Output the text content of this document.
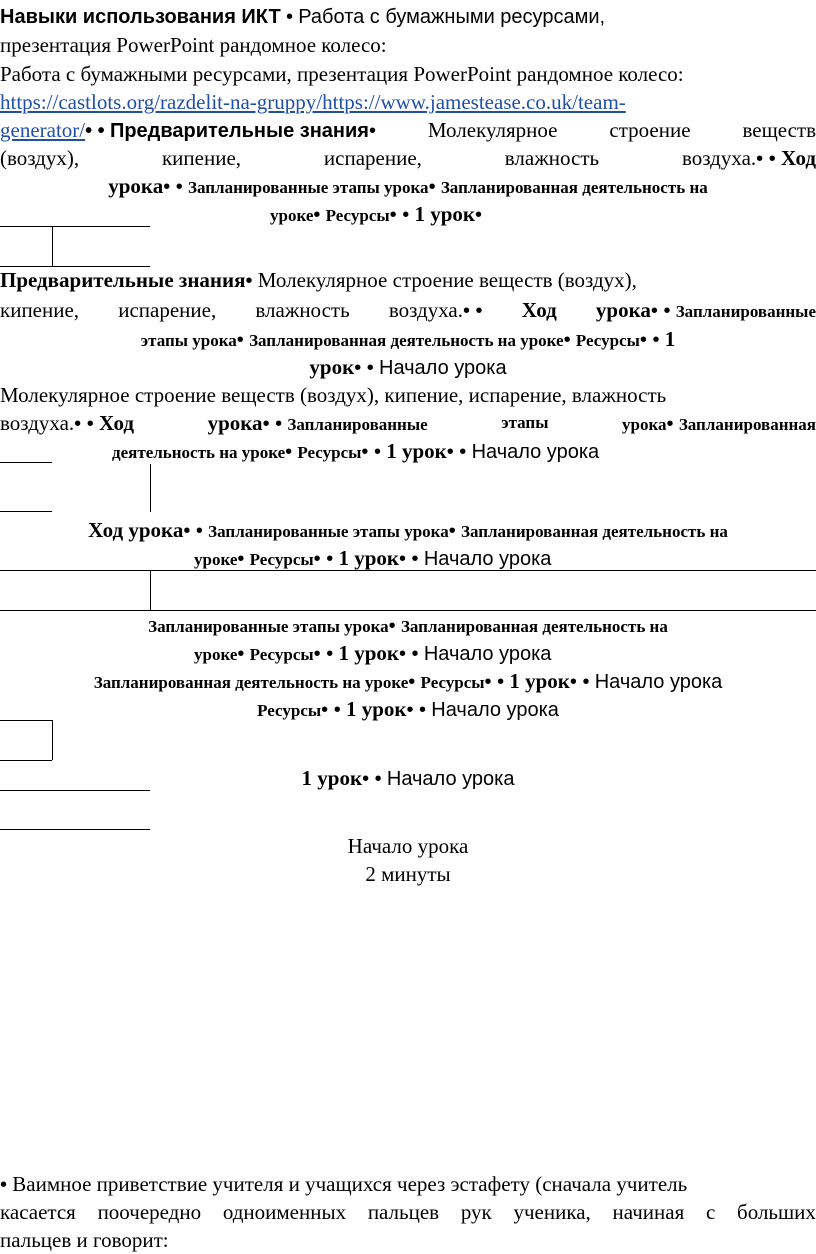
Навыки использования ИКТ • Работа с бумажными ресурсами,
презентация PowerPoint рандомное колесо:
Работа с бумажными ресурсами, презентация PowerPoint рандомное колесо:
https://castlots.org/razdelit-na-gruppy/https://www.jamestease.co.uk/team-
generator/• • Предварительные знания• Молекулярное строение веществ
(воздух),	кипение,	испарение,	влажность	воздуха.• • Ход
урока• • Запланированные этапы урока• Запланированная деятельность на
уроке• Ресурсы• • 1 урок•
Предварительные знания• Молекулярное строение веществ (воздух),
кипение, испарение, влажность воздуха.• • Ход урока• • Запланированные
этапы урока• Запланированная деятельность на уроке• Ресурсы• • 1
урок• • Начало урока
Молекулярное строение веществ (воздух), кипение, испарение, влажность
воздуха.• • Ход	урока• • Запланированные	этапы	урока• Запланированная
деятельность на уроке• Ресурсы• • 1 урок• • Начало урока
Ход урока• • Запланированные этапы урока• Запланированная деятельность на
уроке• Ресурсы• • 1 урок• • Начало урока
Запланированные этапы урока• Запланированная деятельность на
уроке• Ресурсы• • 1 урок• • Начало урока
Запланированная деятельность на уроке• Ресурсы• • 1 урок• • Начало урока
Ресурсы• • 1 урок• • Начало урока
1 урок• • Начало урока
Начало урока
2 минуты
• Ваимное приветствие учителя и учащихся через эстафету (сначала учитель
касается поочередно одноименных пальцев рук ученика, начиная с больших
пальцев и говорит:
